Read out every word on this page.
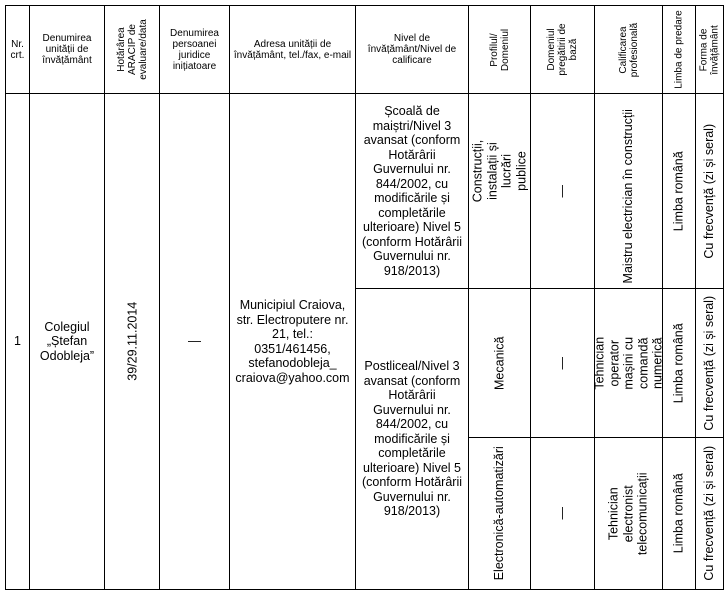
Nr. crt.	Denumirea unității de învățământ	Hotărârea ARACIP de evaluare/data	Denumirea persoanei juridice inițiatoare	Adresa unității de învățământ, tel./fax, e-mail	Nivel de învățământ/Nivel de calificare	Profilul/ Domeniul	Domeniul pregătirii de bază	Calificarea profesională	Limba de predare	Forma de învățământ

1	Colegiul „Ștefan Odobleja”	39/29.11.2014	—	Municipiul Craiova, str. Electroputere nr. 21, tel.: 0351/461456, stefanodobleja_ craiova@yahoo.com	Școală de maiștri/Nivel 3 avansat (conform Hotărârii Guvernului nr. 844/2002, cu modificările și completările ulterioare) Nivel 5 (conform Hotărârii Guvernului nr. 918/2013)	Construcții, instalații și lucrări publice	—	Maistru electrician în construcții	Limba română	Cu frecvență (zi și seral)

					Postliceal/Nivel 3 avansat (conform Hotărârii Guvernului nr. 844/2002, cu modificările și completările ulterioare) Nivel 5 (conform Hotărârii Guvernului nr. 918/2013)	Mecanică	—	Tehnician operator mașini cu comandă numerică	Limba română	Cu frecvență (zi și seral)

						Electronică-automatizări	—	Tehnician electronist telecomunicații	Limba română	Cu frecvență (zi și seral)
